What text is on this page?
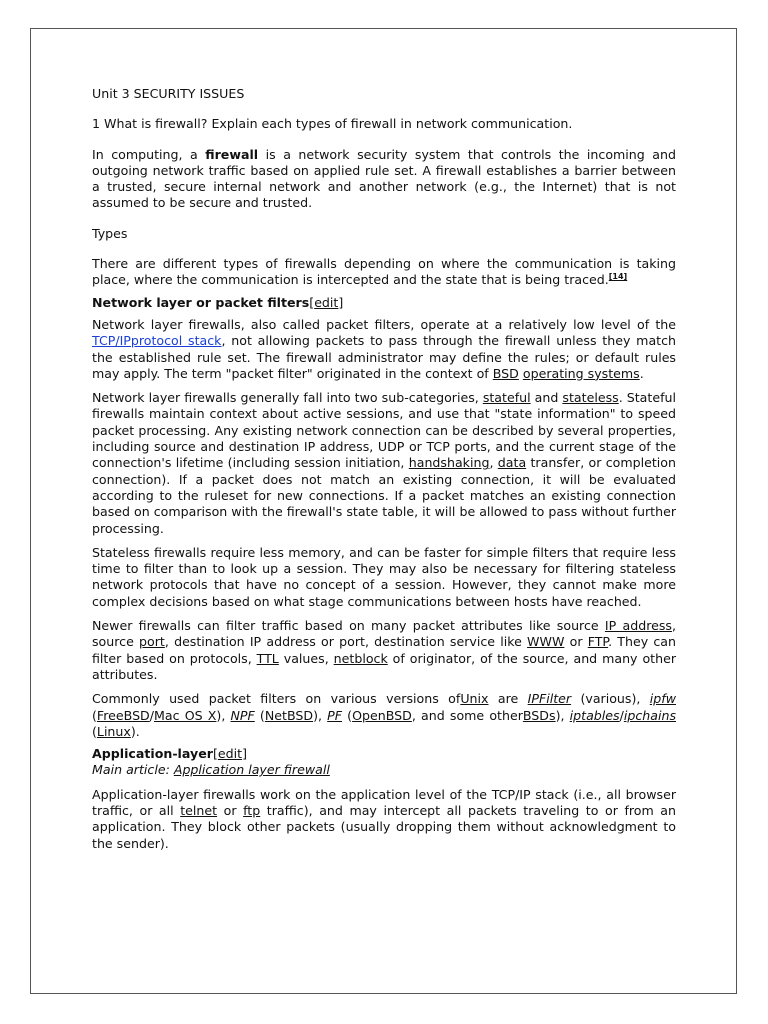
Unit 3 SECURITY ISSUES

1 What is firewall? Explain each types of firewall in network communication.

In computing, a firewall is a network security system that controls the incoming and outgoing network traffic based on applied rule set. A firewall establishes a barrier between a trusted, secure internal network and another network (e.g., the Internet) that is not assumed to be secure and trusted.

Types

There are different types of firewalls depending on where the communication is taking place, where the communication is intercepted and the state that is being traced.[14]

Network layer or packet filters[edit]

Network layer firewalls, also called packet filters, operate at a relatively low level of the TCP/IPprotocol stack, not allowing packets to pass through the firewall unless they match the established rule set. The firewall administrator may define the rules; or default rules may apply. The term "packet filter" originated in the context of BSD operating systems.

Network layer firewalls generally fall into two sub-categories, stateful and stateless. Stateful firewalls maintain context about active sessions, and use that "state information" to speed packet processing. Any existing network connection can be described by several properties, including source and destination IP address, UDP or TCP ports, and the current stage of the connection's lifetime (including session initiation, handshaking, data transfer, or completion connection). If a packet does not match an existing connection, it will be evaluated according to the ruleset for new connections. If a packet matches an existing connection based on comparison with the firewall's state table, it will be allowed to pass without further processing.

Stateless firewalls require less memory, and can be faster for simple filters that require less time to filter than to look up a session. They may also be necessary for filtering stateless network protocols that have no concept of a session. However, they cannot make more complex decisions based on what stage communications between hosts have reached.

Newer firewalls can filter traffic based on many packet attributes like source IP address, source port, destination IP address or port, destination service like WWW or FTP. They can filter based on protocols, TTL values, netblock of originator, of the source, and many other attributes.

Commonly used packet filters on various versions ofUnix are IPFilter (various), ipfw (FreeBSD/Mac OS X), NPF (NetBSD), PF (OpenBSD, and some otherBSDs), iptables/ipchains (Linux).

Application-layer[edit]

Main article: Application layer firewall

Application-layer firewalls work on the application level of the TCP/IP stack (i.e., all browser traffic, or all telnet or ftp traffic), and may intercept all packets traveling to or from an application. They block other packets (usually dropping them without acknowledgment to the sender).
